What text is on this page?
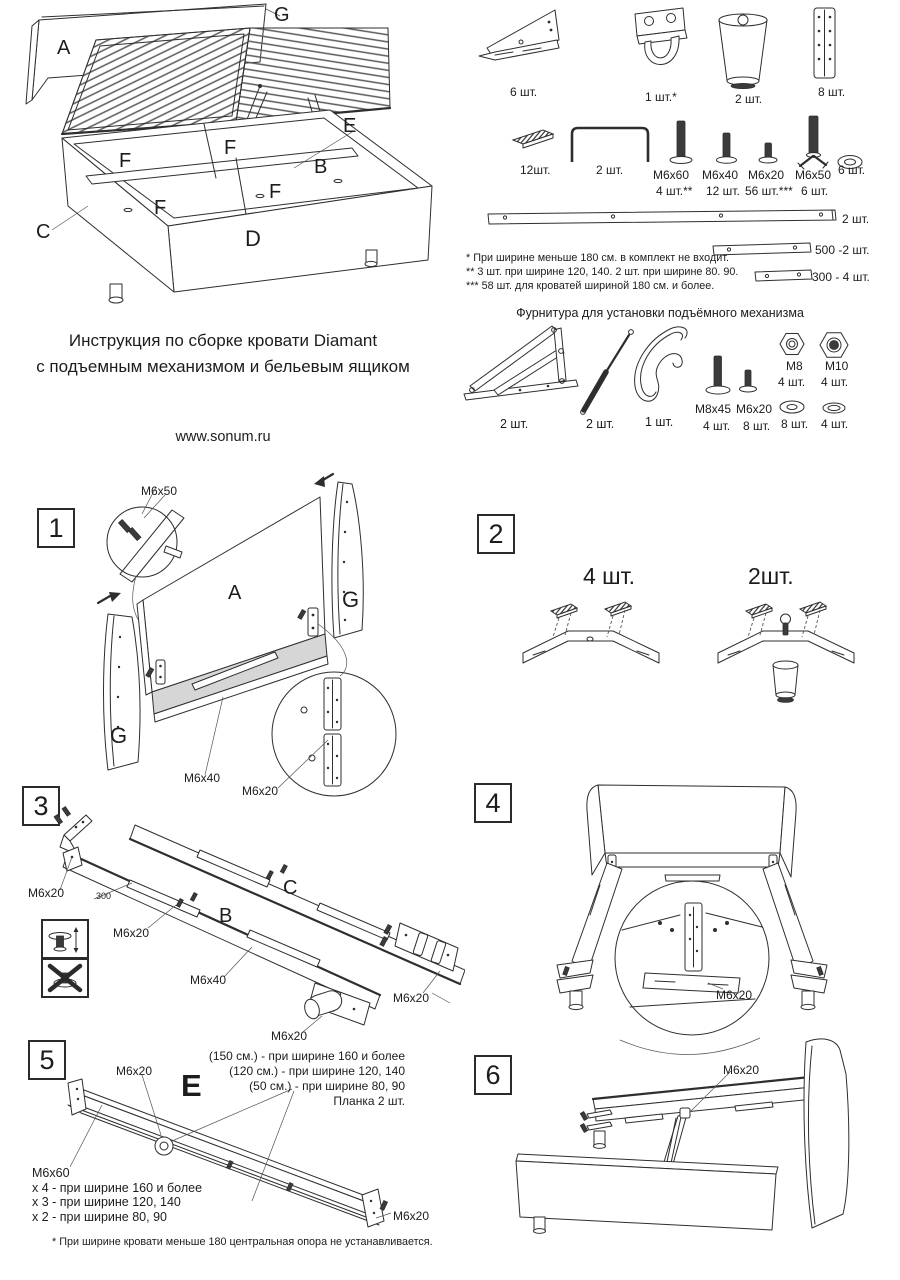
G
A
E
B
F
F
F
F
C	D
Инструкция по сборке кровати Diamant
с подъемным механизмом и бельевым ящиком
www.sonum.ru
6 шт.	1 шт.*	2 шт.	8 шт.
12шт.	2 шт. M6x60
4 шт.**
M6x40
12 шт.
M6x20
56 шт.***
M6x50
6 шт.
6 шт.
2 шт.
500 -2 шт.
300 - 4 шт.
* При ширине меньше 180 см. в комплект не входит.
** 3 шт. при ширине 120, 140. 2 шт. при ширине 80. 90.
*** 58 шт. для кроватей шириной 180 см. и более.
Фурнитура для установки подъёмного механизма
2 шт.	2 шт. 1 шт.
M8x45
4 шт.
M6x20
8 шт.
M8
4 шт.
M10
4 шт.
8 шт. 4 шт.
1
M6x50
A	G
G
M6x40
M6x20
2
4 шт.	2шт.
3
M6x20	300
M6x20
B
C
M6x40
M6x20
M6x20
4
M6x20
5	M6x20 E
(150 см.) - при ширине 160 и более
(120 см.) - при ширине 120, 140
(50 см.) - при ширине 80, 90
Планка 2 шт.
M6x60
x 4 - при ширине 160 и более
x 3 - при ширине 120, 140
x 2 - при ширине 80, 90	M6x20
* При ширине кровати меньше 180 центральная опора не устанавливается.
6	M6x20
